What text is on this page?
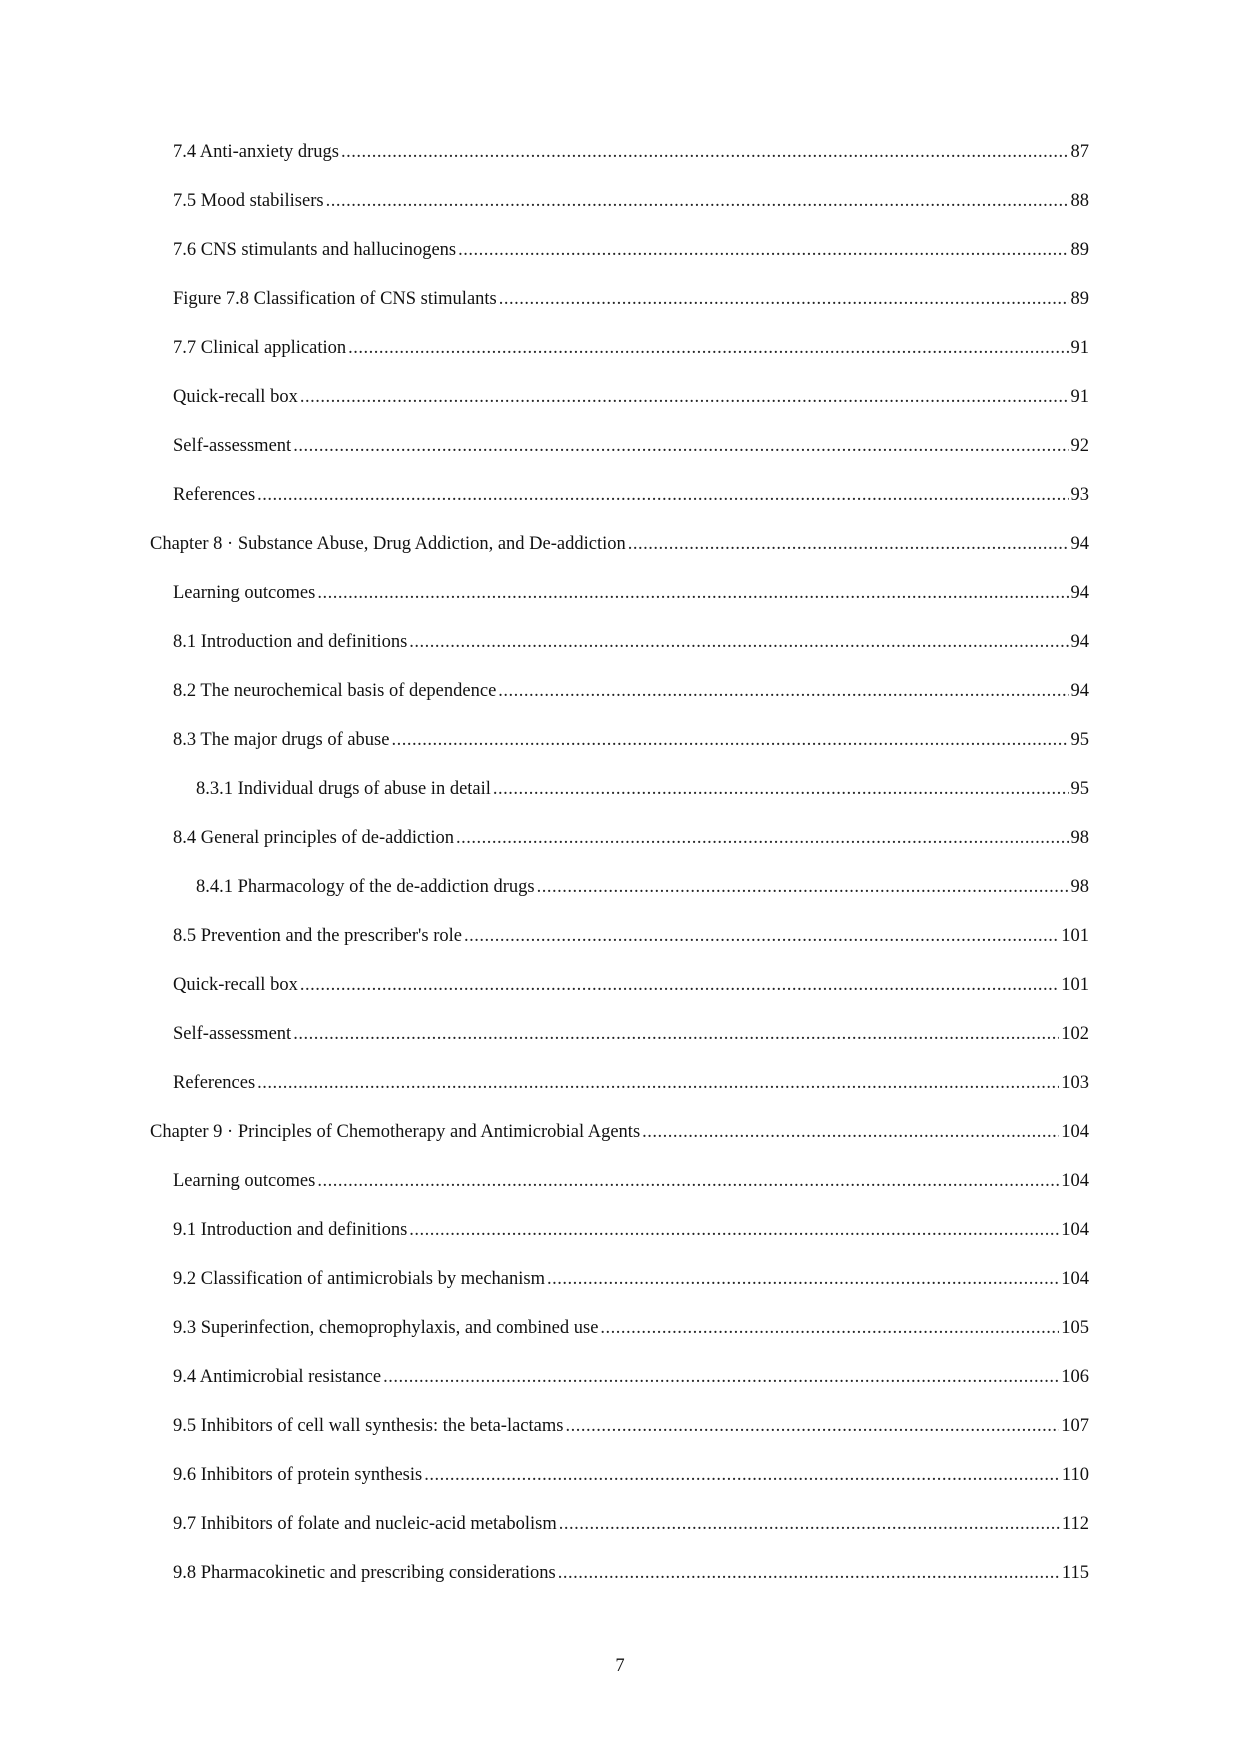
7.4 Anti-anxiety drugs .....	87
7.5 Mood stabilisers .....	88
7.6 CNS stimulants and hallucinogens .....	89
Figure 7.8 Classification of CNS stimulants .....	89
7.7 Clinical application .....	91
Quick-recall box .....	91
Self-assessment .....	92
References .....	93
Chapter 8 · Substance Abuse, Drug Addiction, and De-addiction .....	94
Learning outcomes .....	94
8.1 Introduction and definitions .....	94
8.2 The neurochemical basis of dependence .....	94
8.3 The major drugs of abuse .....	95
8.3.1 Individual drugs of abuse in detail .....	95
8.4 General principles of de-addiction .....	98
8.4.1 Pharmacology of the de-addiction drugs .....	98
8.5 Prevention and the prescriber's role .....	101
Quick-recall box .....	101
Self-assessment .....	102
References .....	103
Chapter 9 · Principles of Chemotherapy and Antimicrobial Agents .....	104
Learning outcomes .....	104
9.1 Introduction and definitions .....	104
9.2 Classification of antimicrobials by mechanism .....	104
9.3 Superinfection, chemoprophylaxis, and combined use .....	105
9.4 Antimicrobial resistance .....	106
9.5 Inhibitors of cell wall synthesis: the beta-lactams .....	107
9.6 Inhibitors of protein synthesis .....	110
9.7 Inhibitors of folate and nucleic-acid metabolism .....	112
9.8 Pharmacokinetic and prescribing considerations .....	115
7
